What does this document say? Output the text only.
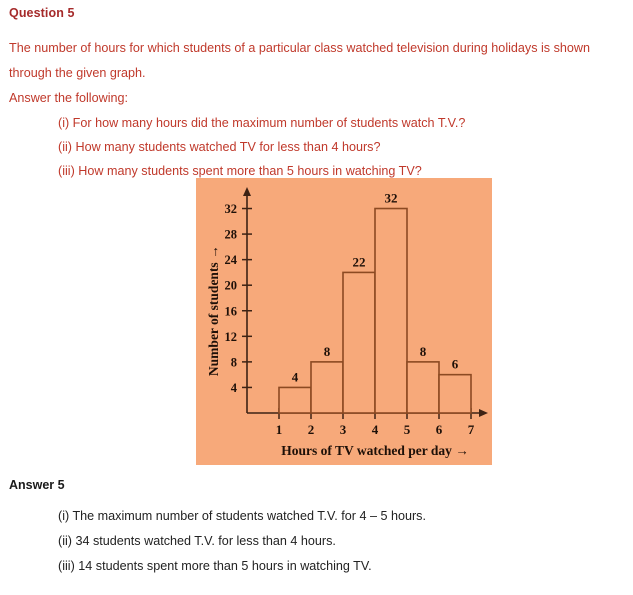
Question 5

The number of hours for which students of a particular class watched television during holidays is shown through the given graph.

Answer the following:

(i) For how many hours did the maximum number of students watch T.V.?

(ii) How many students watched TV for less than 4 hours?

(iii) How many students spent more than 5 hours in watching TV?

4
8
12
16
20
24
28
32
1 2 3 4 5 6 7
4
8
22
32
8
6
Hours of TV watched per day →
Number of students →
Answer 5

(i) The maximum number of students watched T.V. for 4 – 5 hours.

(ii) 34 students watched T.V. for less than 4 hours.

(iii) 14 students spent more than 5 hours in watching TV.
